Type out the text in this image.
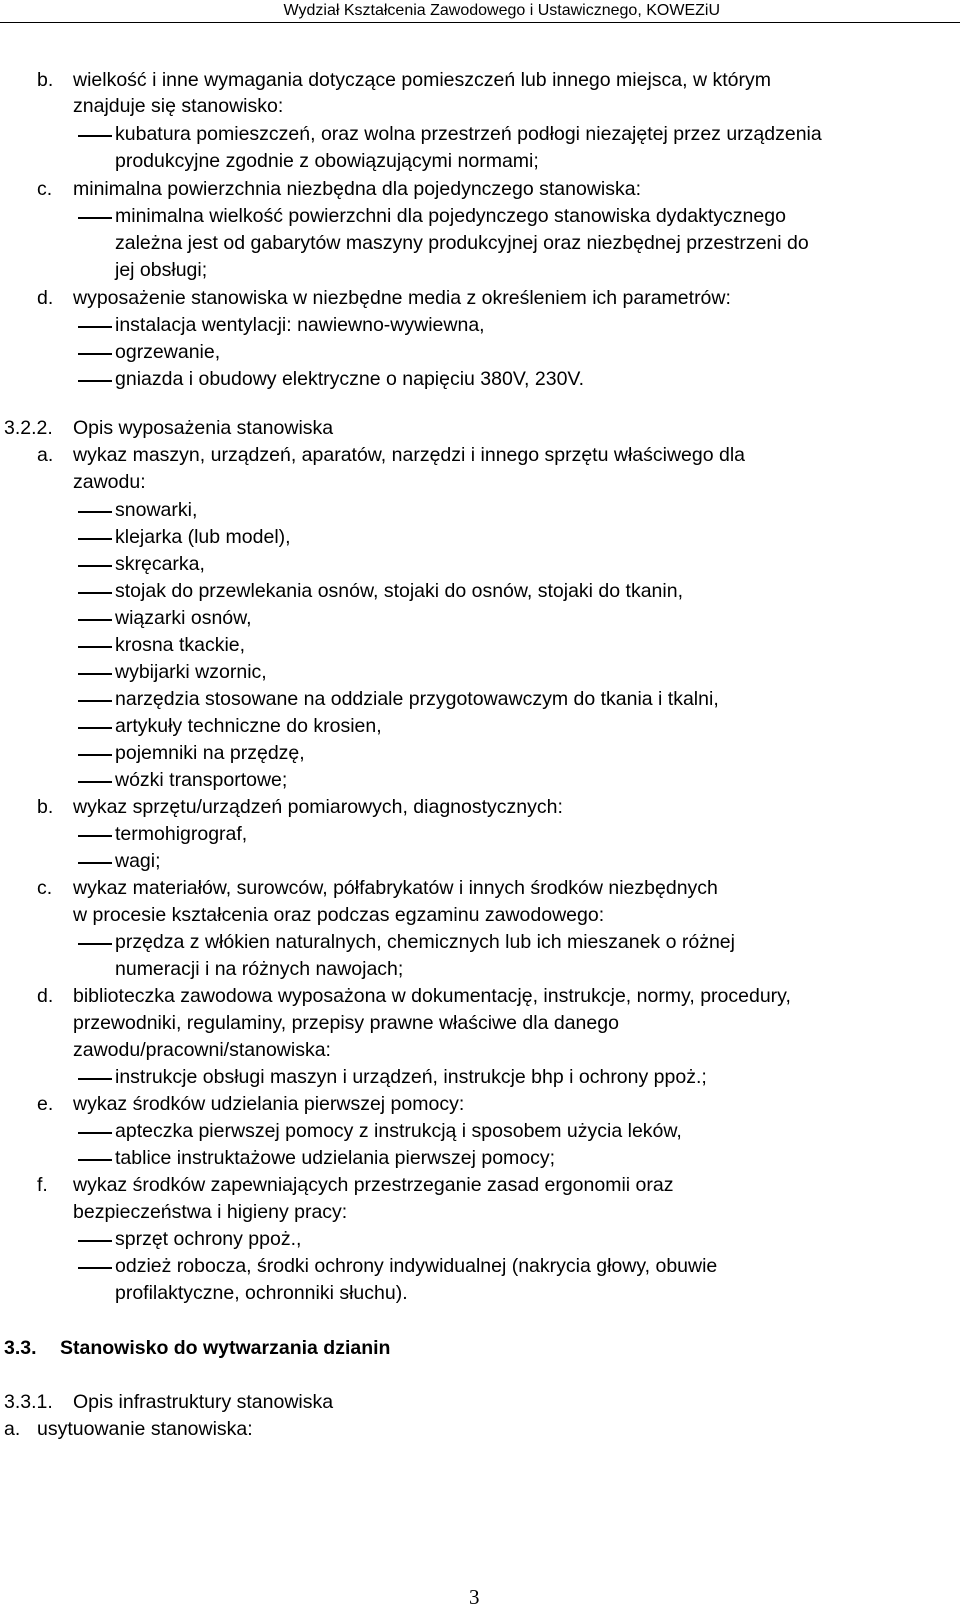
Wydział Kształcenia Zawodowego i Ustawicznego, KOWEZiU
b. wielkość i inne wymagania dotyczące pomieszczeń lub innego miejsca, w którym
znajduje się stanowisko:
kubatura pomieszczeń, oraz wolna przestrzeń podłogi niezajętej przez urządzenia
produkcyjne zgodnie z obowiązującymi normami;
c. minimalna powierzchnia niezbędna dla pojedynczego stanowiska:
minimalna wielkość powierzchni dla pojedynczego stanowiska dydaktycznego
zależna jest od gabarytów maszyny produkcyjnej oraz niezbędnej przestrzeni do
jej obsługi;
d. wyposażenie stanowiska w niezbędne media z określeniem ich parametrów:
instalacja wentylacji: nawiewno-wywiewna,
ogrzewanie,
gniazda i obudowy elektryczne o napięciu 380V, 230V.
3.2.2. Opis wyposażenia stanowiska
a. wykaz maszyn, urządzeń, aparatów, narzędzi i innego sprzętu właściwego dla
zawodu:
snowarki,
klejarka (lub model),
skręcarka,
stojak do przewlekania osnów, stojaki do osnów, stojaki do tkanin,
wiązarki osnów,
krosna tkackie,
wybijarki wzornic,
narzędzia stosowane na oddziale przygotowawczym do tkania i tkalni,
artykuły techniczne do krosien,
pojemniki na przędzę,
wózki transportowe;
b. wykaz sprzętu/urządzeń pomiarowych, diagnostycznych:
termohigrograf,
wagi;
c. wykaz materiałów, surowców, półfabrykatów i innych środków niezbędnych
w procesie kształcenia oraz podczas egzaminu zawodowego:
przędza z włókien naturalnych, chemicznych lub ich mieszanek o różnej
numeracji i na różnych nawojach;
d. biblioteczka zawodowa wyposażona w dokumentację, instrukcje, normy, procedury,
przewodniki, regulaminy, przepisy prawne właściwe dla danego
zawodu/pracowni/stanowiska:
instrukcje obsługi maszyn i urządzeń, instrukcje bhp i ochrony ppoż.;
e. wykaz środków udzielania pierwszej pomocy:
apteczka pierwszej pomocy z instrukcją i sposobem użycia leków,
tablice instruktażowe udzielania pierwszej pomocy;
f. wykaz środków zapewniających przestrzeganie zasad ergonomii oraz
bezpieczeństwa i higieny pracy:
sprzęt ochrony ppoż.,
odzież robocza, środki ochrony indywidualnej (nakrycia głowy, obuwie
profilaktyczne, ochronniki słuchu).
3.3. Stanowisko do wytwarzania dzianin
3.3.1. Opis infrastruktury stanowiska
a. usytuowanie stanowiska:
3
